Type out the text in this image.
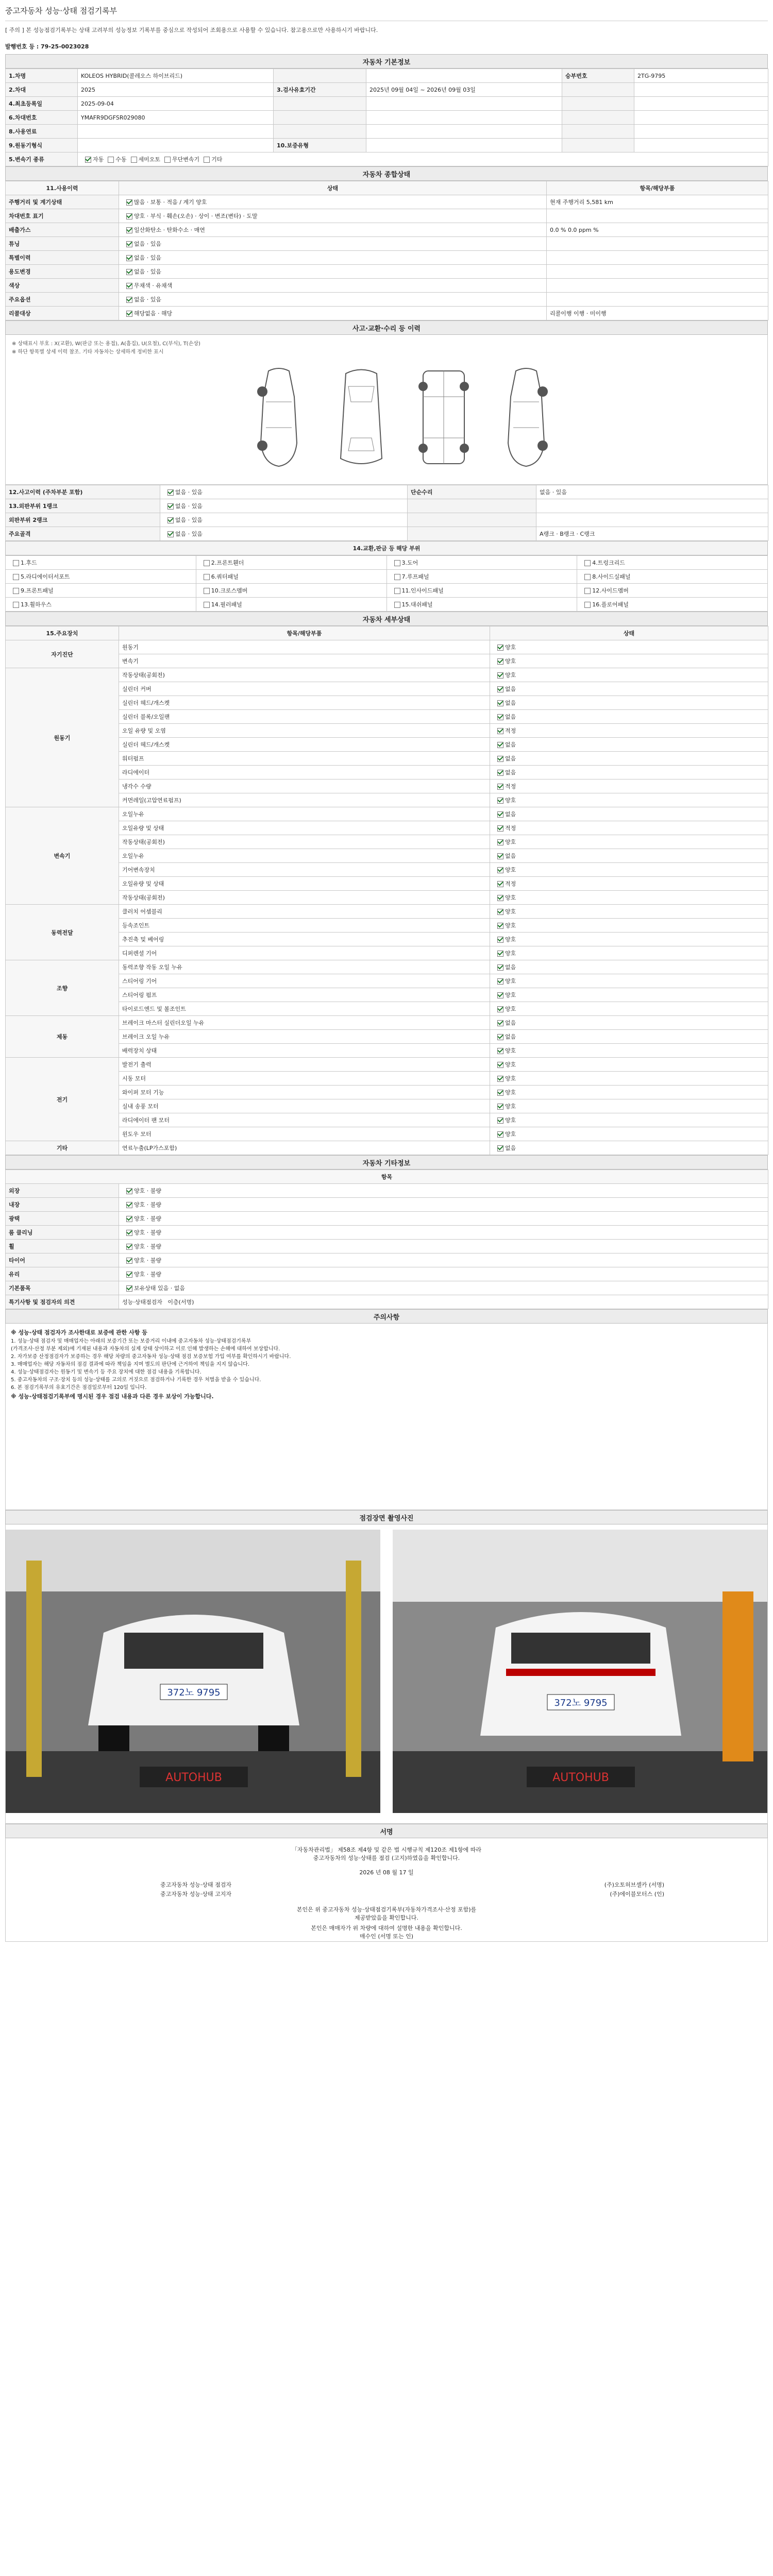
중고자동차 성능·상태 점검기록부
[ 주의 ] 본 성능점검기록부는 상태 고려부의 성능정보 기록부를 중심으로 작성되어 조회용으로 사용할 수 있습니다. 참고용으로만 사용하시기 바랍니다.
발행번호 등 : 79-25-0023028
자동차 기본정보
1.차명	KOLEOS HYBRID(콜레오스 하이브리드)			승부번호	2TG-9795
2.차대	2025	3.검사유효기간	2025년 09월 04일 ~ 2026년 09월 03일		
4.최초등록일	2025-09-04				
6.차대번호	YMAFR9DGFSR029080				
8.사용연료					
9.원동기형식		10.보증유형			
5.변속기 종류	자동 수동 세미오토 무단변속기 기타				
자동차 종합상태
11.사용이력	상태	항목/해당부품
주행거리 및 계기상태	많음 · 보통 · 적음 / 계기 양호	현재 주행거리 5,581 km
차대번호 표기	양호 · 부식 · 훼손(오손) · 상이 · 변조(변타) · 도말	
배출가스	일산화탄소 · 탄화수소 · 매연	0.0 % 0.0 ppm %
튜닝	없음 · 있음	
특별이력	없음 · 있음	
용도변경	없음 · 있음	
색상	무채색 · 유채색	
주요옵션	없음 · 있음	
리콜대상	해당없음 · 해당	리콜이행 이행 · 미이행
사고·교환·수리 등 이력
※ 상태표시 부호 : X(교환), W(판금 또는 용접), A(흠집), U(요철), C(부식), T(손상)
※ 하단 항목별 상세 이력 참조. 기타 자동차는 상세하게 정비한 표시
12.사고이력 (주차부분 포함)	없음 · 있음	단순수리	없음 · 있음
13.외판부위 1랭크	없음 · 있음		
외판부위 2랭크	없음 · 있음		
주요골격	없음 · 있음		A랭크 · B랭크 · C랭크
14.교환,판금 등 해당 부위
1.후드	2.프론트휀더	3.도어	4.트렁크리드
5.라디에이터서포트	6.쿼터패널	7.루프패널	8.사이드실패널
9.프론트패널	10.크로스멤버	11.인사이드패널	12.사이드멤버
13.휠하우스	14.필러패널	15.대쉬패널	16.플로어패널
자동차 세부상태
15.주요장치	항목/해당부품	상태
자기진단	원동기	양호
	변속기	양호
원동기	작동상태(공회전)	양호
	실린더 커버	없음
	실린더 헤드/개스켓	없음
	실린더 블록/오일팬	없음
	오일 유량 및 오염	적정
	실린더 헤드/개스켓	없음
	워터펌프	없음
	라디에이터	없음
	냉각수 수량	적정
	커먼레일(고압연료펌프)	양호
변속기	오일누유	없음
	오일유량 및 상태	적정
	작동상태(공회전)	양호
	오일누유	없음
	기어변속장치	양호
	오일유량 및 상태	적정
	작동상태(공회전)	양호
동력전달	클러치 어셈블리	양호
	등속조인트	양호
	추진축 및 베어링	양호
	디퍼렌셜 기어	양호
조향	동력조향 작동 오일 누유	없음
	스티어링 기어	양호
	스티어링 펌프	양호
	타이로드엔드 및 볼조인트	양호
제동	브레이크 마스터 실린더오일 누유	없음
	브레이크 오일 누유	없음
	배력장치 상태	양호
전기	발전기 출력	양호
	시동 모터	양호
	와이퍼 모터 기능	양호
	실내 송풍 모터	양호
	라디에이터 팬 모터	양호
	윈도우 모터	양호
기타	연료누출(LP가스포함)	없음
자동차 기타정보
항목	
외장	양호 · 불량
내장	양호 · 불량
광택	양호 · 불량
룸 클리닝	양호 · 불량
휠	양호 · 불량
타이어	양호 · 불량
유리	양호 · 불량
기본품목	보유상태 있음 · 없음
특기사항 및 점검자의 의견	성능·상태점검자 이층(서명)
주의사항
※ 성능·상태 점검자가 조사한대로 보증에 관한 사항 등
1. 성능·상태 점검자 및 매매업자는 아래의 보증기간 또는 보증거리 이내에 중고자동차 성능·상태점검기록부
(가격조사·산정 부분 제외)에 기재된 내용과 자동차의 실제 상태 상이하고 이로 인해 발생하는 손해에 대하여 보상합니다.
2. 자가보증 산정점검자가 보증하는 경우 해당 차량의 중고자동차 성능·상태 점검 보증보험 가입 여부를 확인하시기 바랍니다.
3. 매매업자는 해당 자동차의 점검 결과에 따라 책임을 지며 별도의 판단에 근거하여 책임을 지지 않습니다.
4. 성능·상태점검자는 원동기 및 변속기 등 주요 장치에 대한 점검 내용을 기록합니다.
5. 중고자동차의 구조·장치 등의 성능·상태를 고의로 거짓으로 점검하거나 기록한 경우 처벌을 받을 수 있습니다.
6. 본 점검기록부의 유효기간은 점검일로부터 120일 입니다.
※ 성능·상태점검기록부에 명시된 경우 점검 내용과 다른 경우 보상이 가능합니다.
점검장면 촬영사진
372노 9795
AUTOHUB
372노 9795
AUTOHUB
서명
「자동차관리법」 제58조 제4항 및 같은 법 시행규칙 제120조 제1항에 따라
중고자동차의 성능·상태를 점검 (고지)하였음을 확인합니다.
2026 년 08 월 17 일
중고자동차 성능·상태 점검자	(주)오토허브셀카 (서명)
중고자동차 성능·상태 고지자	(주)에이블모터스 (인)
본인은 위 중고자동차 성능·상태점검기록부(자동차가격조사·산정 포함)를
제공받았음을 확인합니다.
본인은 매매자가 위 차량에 대하여 설명한 내용을 확인합니다.
매수인 (서명 또는 인)
